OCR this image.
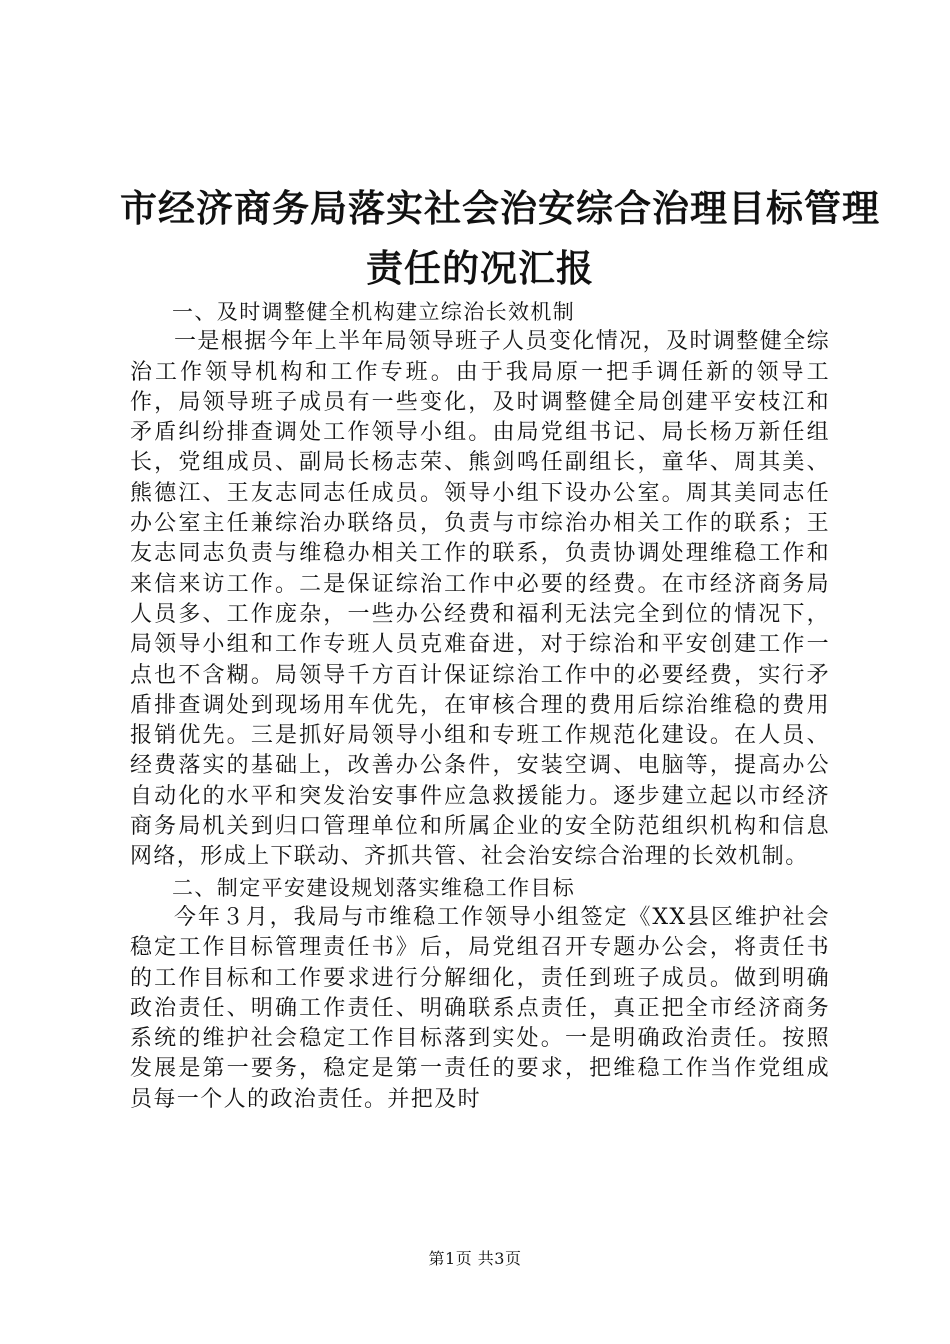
市经济商务局落实社会治安综合治理目标管理
责任的况汇报

一、及时调整健全机构建立综治长效机制

一是根据今年上半年局领导班子人员变化情况，及时调整健全综治工作领导机构和工作专班。由于我局原一把手调任新的领导工作，局领导班子成员有一些变化，及时调整健全局创建平安枝江和矛盾纠纷排查调处工作领导小组。由局党组书记、局长杨万新任组长，党组成员、副局长杨志荣、熊剑鸣任副组长，童华、周其美、熊德江、王友志同志任成员。领导小组下设办公室。周其美同志任办公室主任兼综治办联络员，负责与市综治办相关工作的联系；王友志同志负责与维稳办相关工作的联系，负责协调处理维稳工作和来信来访工作。二是保证综治工作中必要的经费。在市经济商务局人员多、工作庞杂，一些办公经费和福利无法完全到位的情况下，局领导小组和工作专班人员克难奋进，对于综治和平安创建工作一点也不含糊。局领导千方百计保证综治工作中的必要经费，实行矛盾排查调处到现场用车优先，在审核合理的费用后综治维稳的费用报销优先。三是抓好局领导小组和专班工作规范化建设。在人员、经费落实的基础上，改善办公条件，安装空调、电脑等，提高办公自动化的水平和突发治安事件应急救援能力。逐步建立起以市经济商务局机关到归口管理单位和所属企业的安全防范组织机构和信息网络，形成上下联动、齐抓共管、社会治安综合治理的长效机制。

二、制定平安建设规划落实维稳工作目标

今年３月，我局与市维稳工作领导小组签定《XX县区维护社会稳定工作目标管理责任书》后，局党组召开专题办公会，将责任书的工作目标和工作要求进行分解细化，责任到班子成员。做到明确政治责任、明确工作责任、明确联系点责任，真正把全市经济商务系统的维护社会稳定工作目标落到实处。一是明确政治责任。按照发展是第一要务，稳定是第一责任的要求，把维稳工作当作党组成员每一个人的政治责任。并把及时

第1页 共3页
